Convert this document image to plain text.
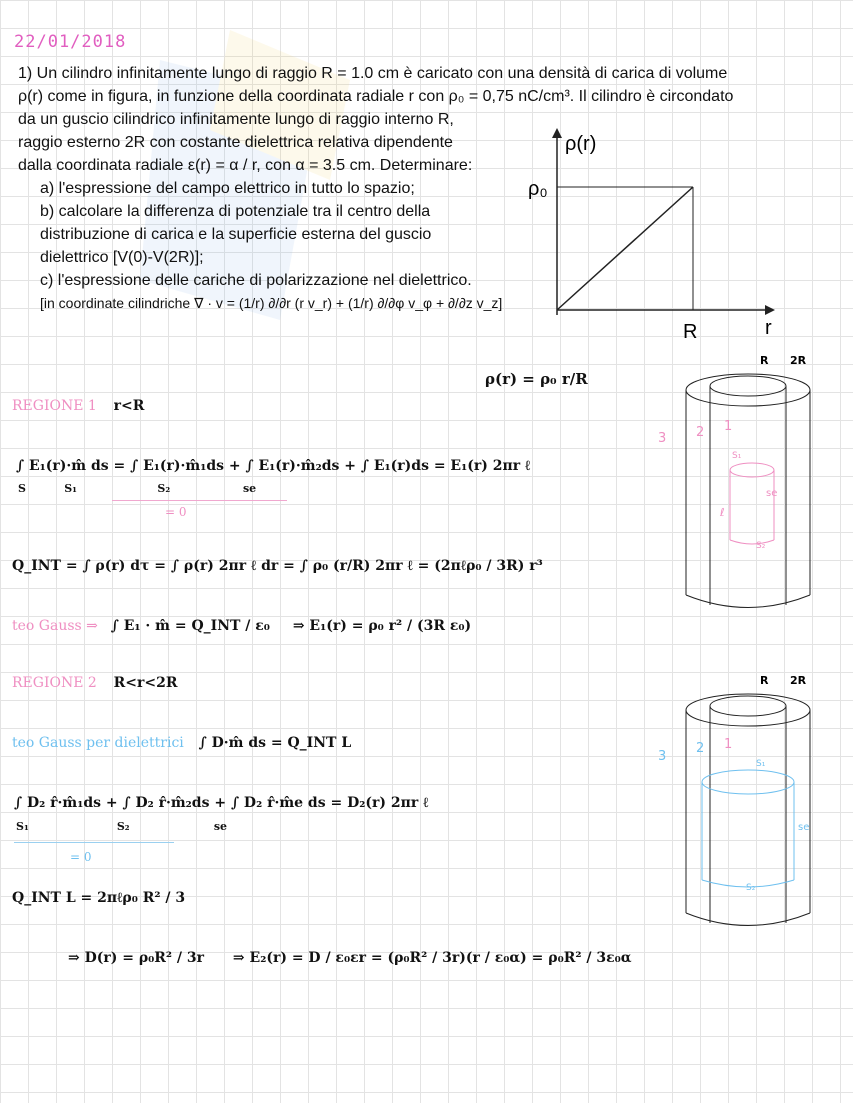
22/01/2018

1) Un cilindro infinitamente lungo di raggio R = 1.0 cm è caricato con una densità di carica di volume

ρ(r) come in figura, in funzione della coordinata radiale r con ρ₀ = 0,75 nC/cm³. Il cilindro è circondato

da un guscio cilindrico infinitamente lungo di raggio interno R,

raggio esterno 2R con costante dielettrica relativa dipendente

dalla coordinata radiale ε(r) = α / r, con α = 3.5 cm. Determinare:

a) l'espressione del campo elettrico in tutto lo spazio;

b) calcolare la differenza di potenziale tra il centro della

distribuzione di carica e la superficie esterna del guscio

dielettrico [V(0)-V(2R)];

c) l'espressione delle cariche di polarizzazione nel dielettrico.

[in coordinate cilindriche ∇ · v = (1/r) ∂/∂r (r v_r) + (1/r) ∂/∂φ v_φ + ∂/∂z v_z]

ρ(r)
ρ₀
R	r
ρ(r) = ρ₀ r/R
REGIONE 1 r<R
∫ E₁(r)·m̂ ds = ∫ E₁(r)·m̂₁ds + ∫ E₁(r)·m̂₂ds + ∫ E₁(r)ds = E₁(r) 2πr ℓ
S          S₁                     S₂                   se
= 0
Q_INT = ∫ ρ(r) dτ = ∫ ρ(r) 2πr ℓ dr = ∫ ρ₀ (r/R) 2πr ℓ = (2πℓρ₀ / 3R) r³
teo Gauss ⇒ ∫ E₁ · m̂ = Q_INT / ε₀ ⇒ E₁(r) = ρ₀ r² / (3R ε₀)
REGIONE 2 R<r<2R
teo Gauss per dielettrici ∫ D·m̂ ds = Q_INT L
∫ D₂ r̂·m̂₁ds + ∫ D₂ r̂·m̂₂ds + ∫ D₂ r̂·m̂e ds = D₂(r) 2πr ℓ
S₁                       S₂                      se
= 0
Q_INT L = 2πℓρ₀ R² / 3
⇒ D(r) = ρ₀R² / 3r ⇒ E₂(r) = D / ε₀εr = (ρ₀R² / 3r)(r / ε₀α) = ρ₀R² / 3ε₀α
R 2R
3 2 1
S₁
S₂
se
ℓ
R 2R
3
2 1
S₁
S₂
se
